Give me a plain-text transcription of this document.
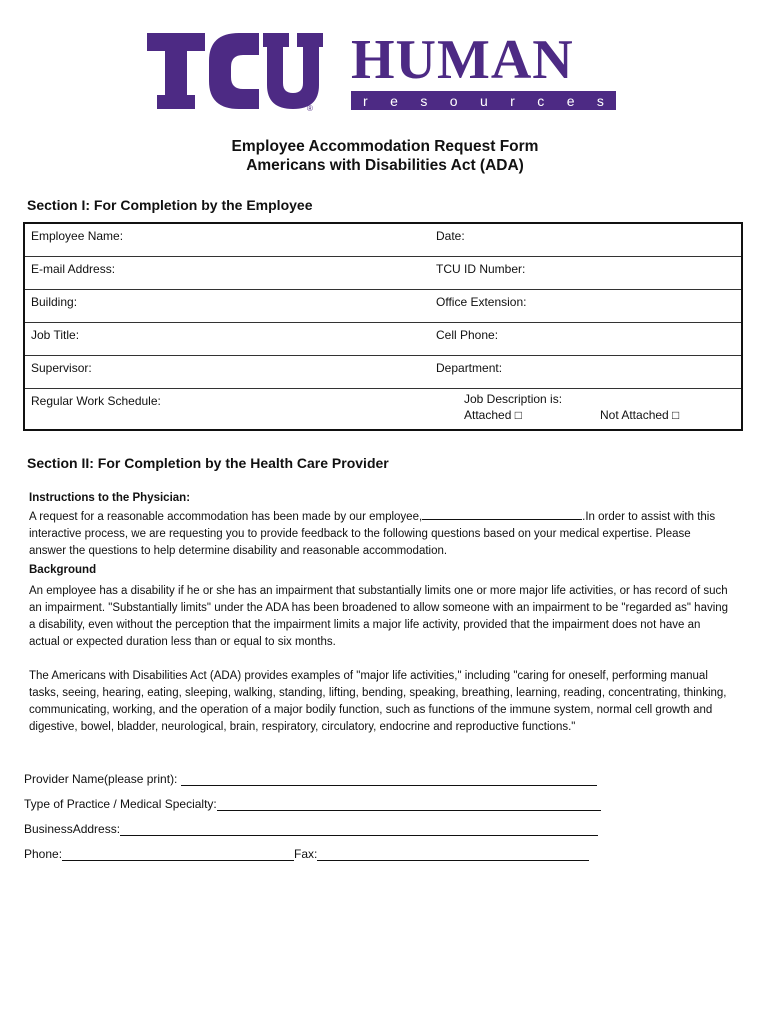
®
HUMAN
r e s o u r c e s
Employee Accommodation Request Form
Americans with Disabilities Act (ADA)
Section I: For Completion by the Employee
Employee Name:	Date:
E-mail Address:	TCU ID Number:
Building:	Office Extension:
Job Title:	Cell Phone:
Supervisor:	Department:
Regular Work Schedule:	Job Description is:
Attached □	Not Attached □
Section II: For Completion by the Health Care Provider
Instructions to the Physician:
A request for a reasonable accommodation has been made by our employee,	.In order to assist with this interactive process, we are requesting you to provide feedback to the following questions based on your medical expertise. Please answer the questions to help determine disability and reasonable accommodation.
Background
An employee has a disability if he or she has an impairment that substantially limits one or more major life activities, or has record of such an impairment. "Substantially limits" under the ADA has been broadened to allow someone with an impairment to be "regarded as" having a disability, even without the perception that the impairment limits a major life activity, provided that the impairment does not have an actual or expected duration less than or equal to six months.
The Americans with Disabilities Act (ADA) provides examples of "major life activities," including "caring for oneself, performing manual tasks, seeing, hearing, eating, sleeping, walking, standing, lifting, bending, speaking, breathing, learning, reading, concentrating, thinking, communicating, working, and the operation of a major bodily function, such as functions of the immune system, normal cell growth and digestive, bowel, bladder, neurological, brain, respiratory, circulatory, endocrine and reproductive functions."
Provider Name(please print):
Type of Practice / Medical Specialty:
BusinessAddress:
Phone:	Fax:
